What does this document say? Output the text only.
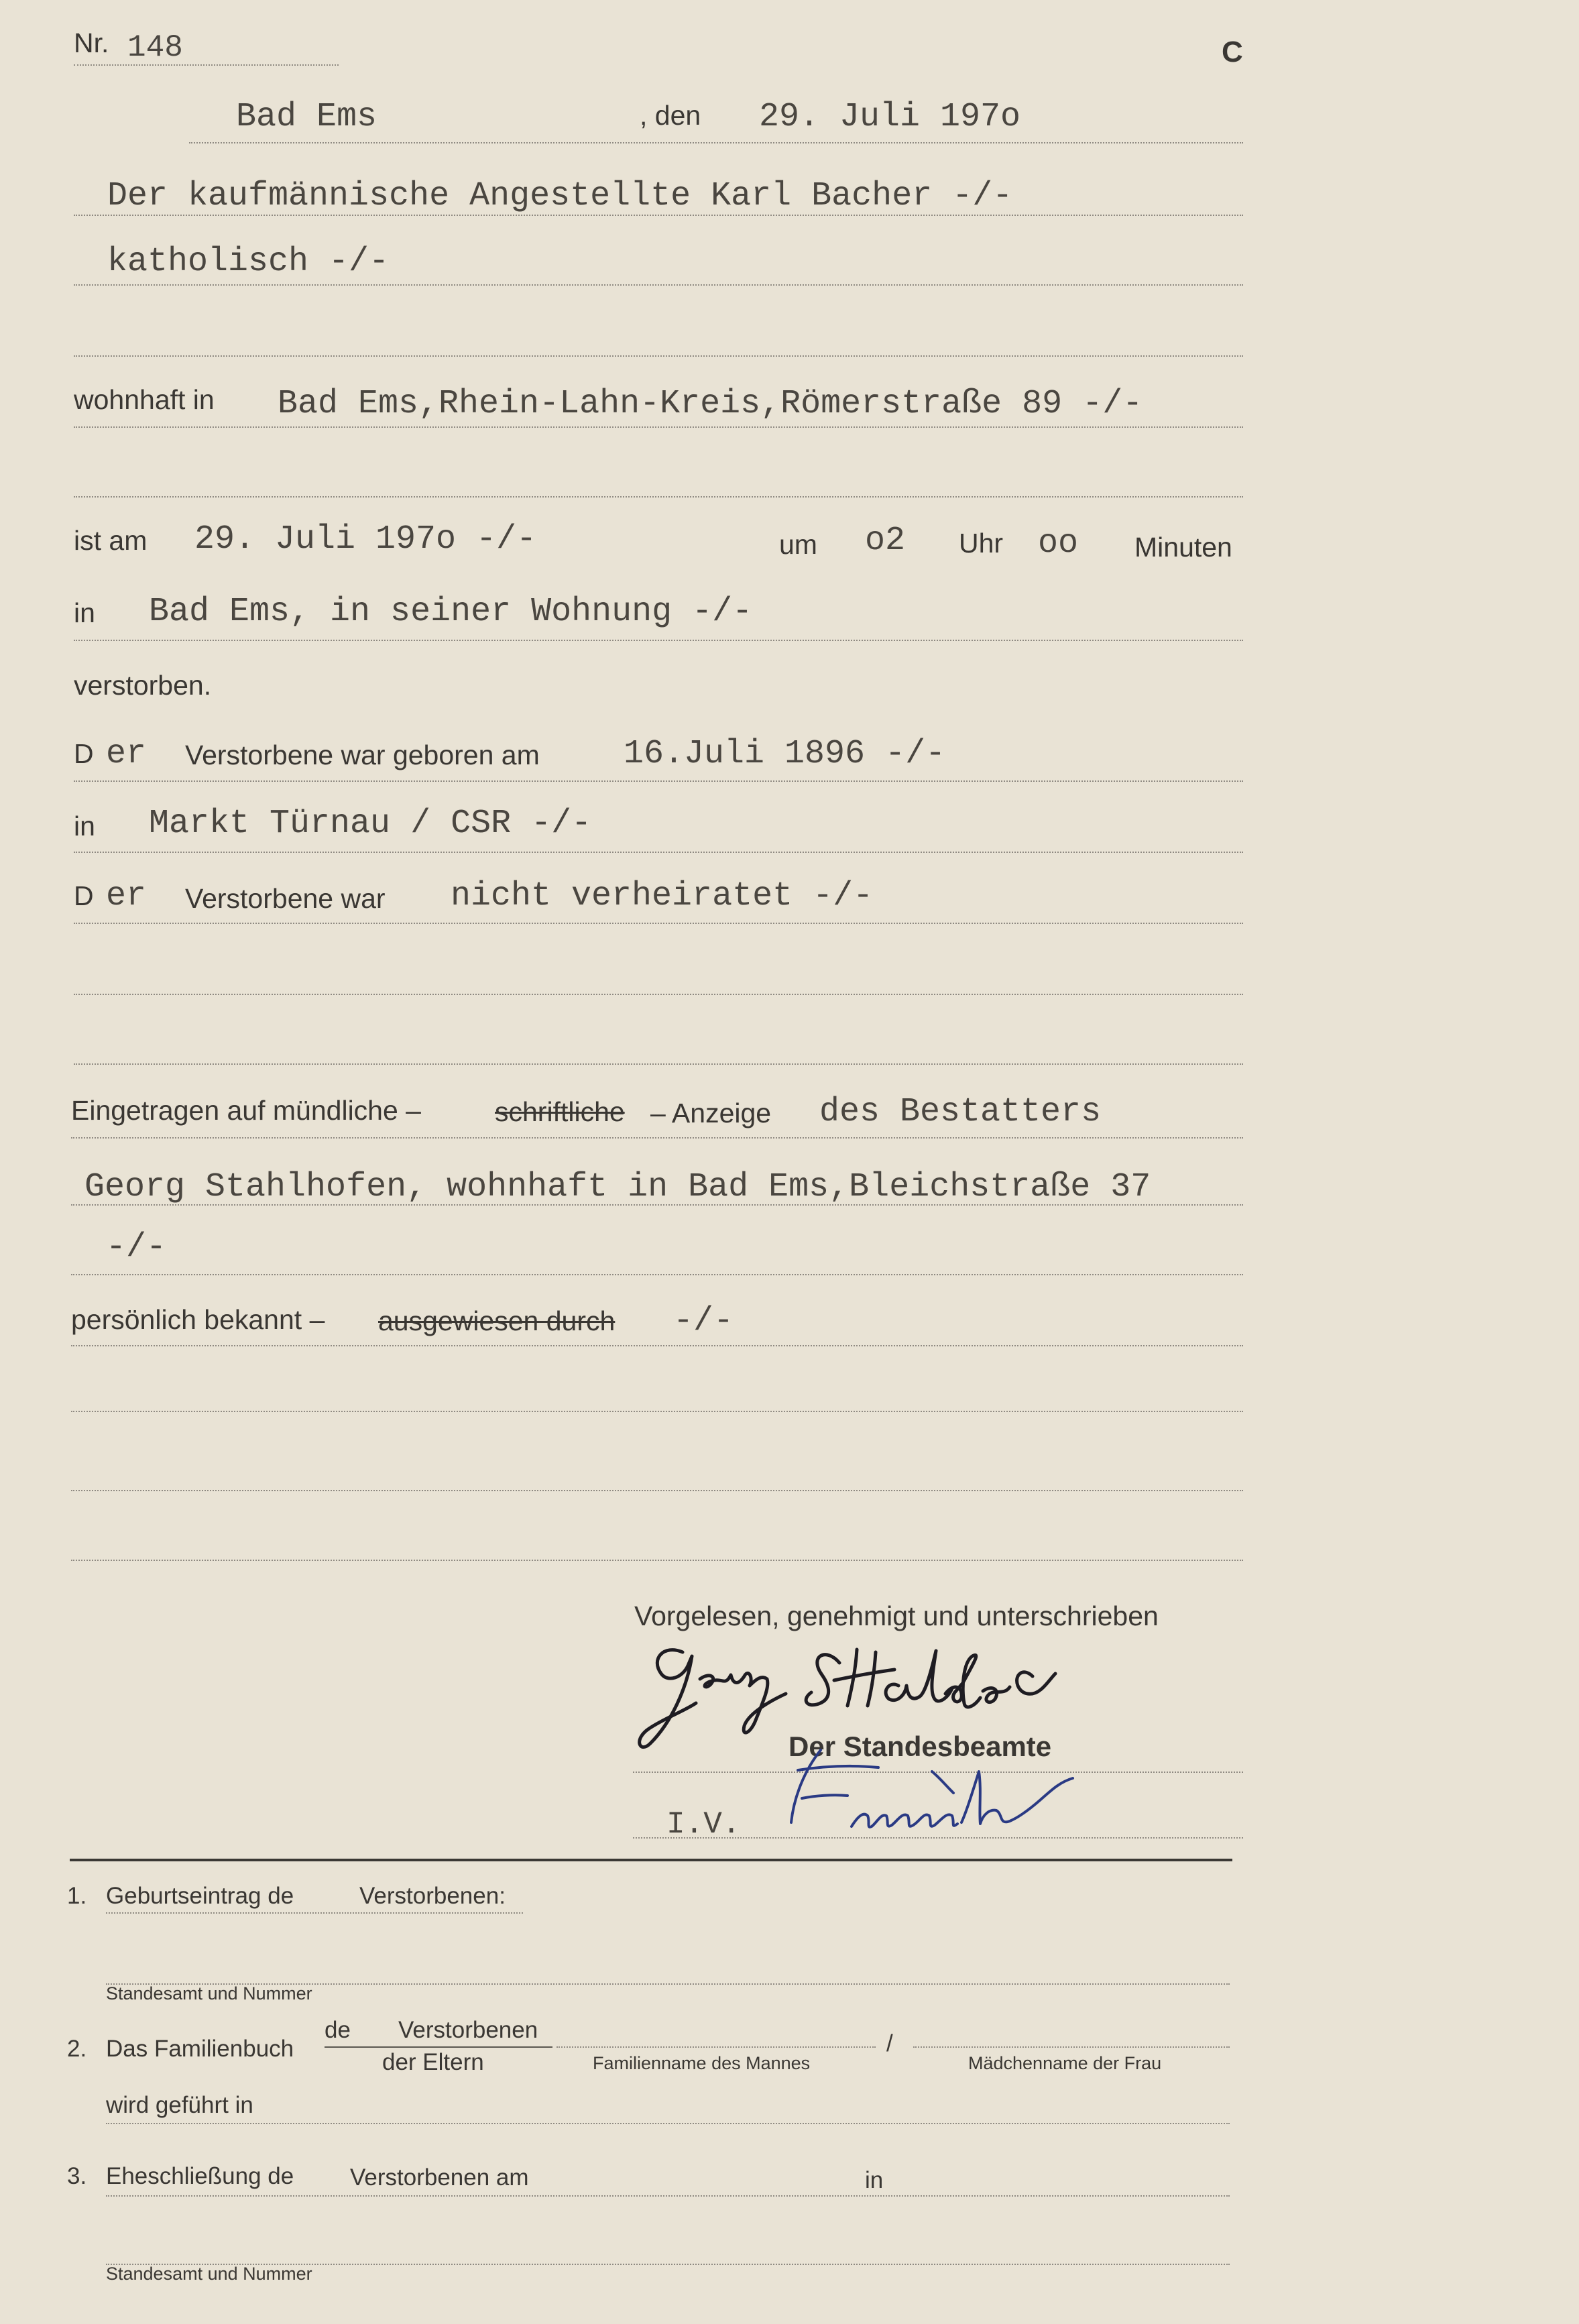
Nr. 148	C
Bad Ems	, den 29. Juli 197o
Der kaufmännische Angestellte Karl Bacher -/-
katholisch -/-
wohnhaft in Bad Ems,Rhein-Lahn-Kreis,Römerstraße 89 -/-
ist am 29. Juli 197o -/-	um o2 Uhr oo Minuten
in Bad Ems, in seiner Wohnung -/-
verstorben.
D er Verstorbene war geboren am	16.Juli 1896 -/-
in Markt Türnau / CSR -/-
D er Verstorbene war nicht verheiratet -/-
Eingetragen auf mündliche –	schriftliche – Anzeige des Bestatters
Georg Stahlhofen, wohnhaft in Bad Ems,Bleichstraße 37
-/-
persönlich bekannt – ausgewiesen durch -/-
Vorgelesen, genehmigt und unterschrieben
Der Standesbeamte
I.V.
1. Geburtseintrag de	Verstorbenen:
Standesamt und Nummer
2. Das Familienbuch
de Verstorbenen
der Eltern	Familienname des Mannes
/
Mädchenname der Frau
wird geführt in
3. Eheschließung de Verstorbenen am	in
Standesamt und Nummer
